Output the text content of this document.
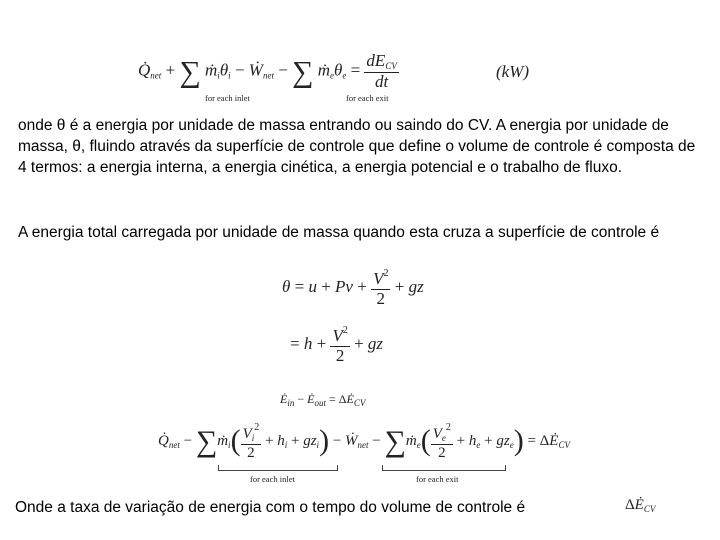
$Q̇_{net}$ + ∑ $ṁ_i\theta_i$ − Ẇ$_{net}$ − ∑ $ṁ_e\theta_e = \frac{dE_{CV}}{dt}$
for each inlet	for each exit
(kW)
onde θ é a energia por unidade de massa entrando ou saindo do CV. A energia por unidade de massa, θ, fluindo através da superfície de controle que define o volume de controle é composta de 4 termos: a energia interna, a energia cinética, a energia potencial e o trabalho de fluxo.
A energia total carregada por unidade de massa quando esta cruza a superfície de controle é
$\theta = u + Pv + \frac{V^2}{2}$ + gz
= $h + \frac{V^2}{2}$ + gz
$Ė_{in}$ − $Ė_{out}$ = $\Delta Ė_{CV}$
$Q̇_{net}$ − ∑ṁ$_i$( $\frac{V_i^2}{2} + h_i + gz_i$) − Ẇ$_{net}$ − ∑ṁ$_e$( $\frac{V_e^2}{2} + h_e + gz_e$) = $\Delta Ė_{CV}$
for each inlet	for each exit
Onde a taxa de variação de energia com o tempo do volume de controle é	$\Delta Ė_{CV}$
